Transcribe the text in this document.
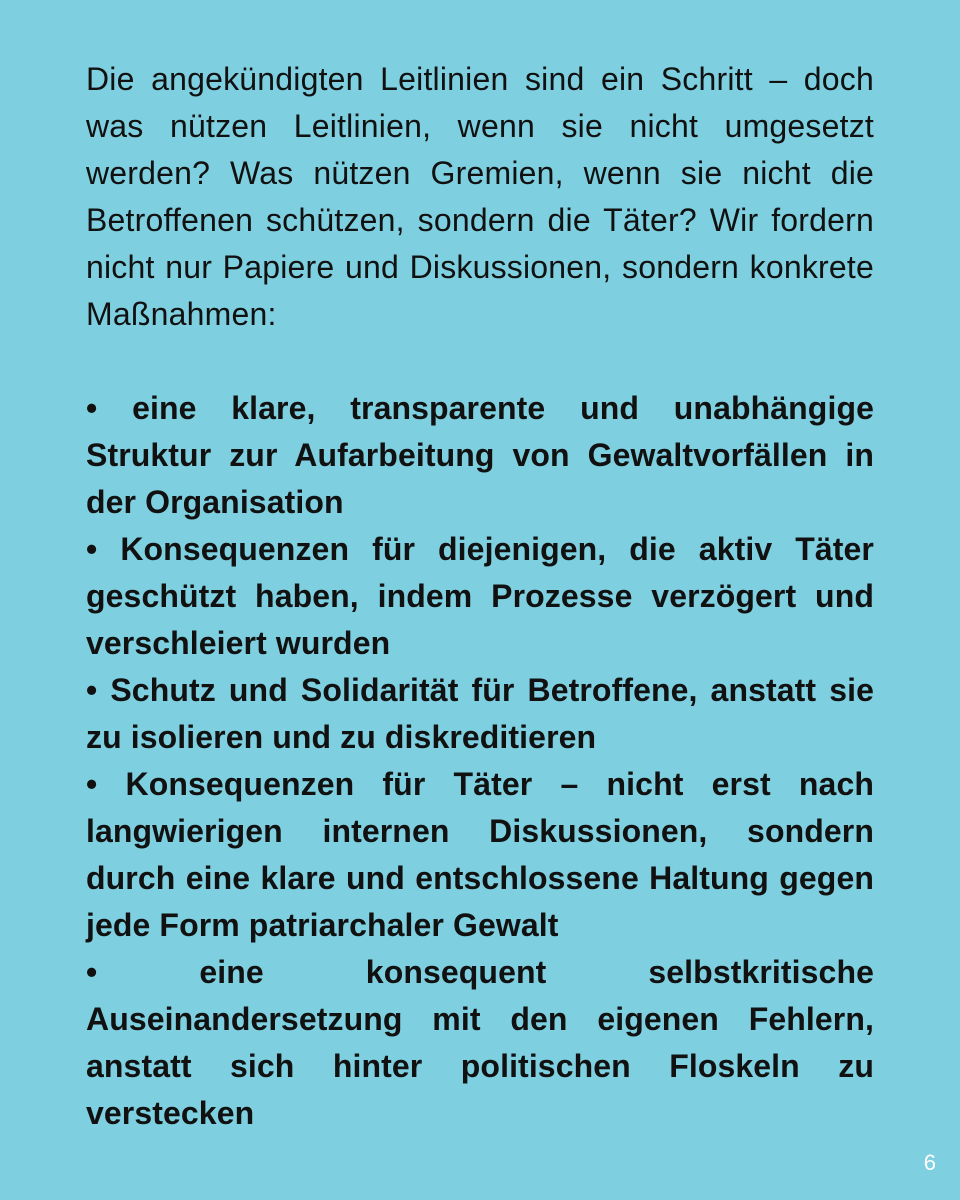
Die angekündigten Leitlinien sind ein Schritt – doch was nützen Leitlinien, wenn sie nicht umgesetzt werden? Was nützen Gremien, wenn sie nicht die Betroffenen schützen, sondern die Täter? Wir fordern nicht nur Papiere und Diskussionen, sondern konkrete Maßnahmen:

• eine klare, transparente und unabhängige Struktur zur Aufarbeitung von Gewaltvorfällen in der Organisation
• Konsequenzen für diejenigen, die aktiv Täter geschützt haben, indem Prozesse verzögert und verschleiert wurden
• Schutz und Solidarität für Betroffene, anstatt sie zu isolieren und zu diskreditieren
• Konsequenzen für Täter – nicht erst nach langwierigen internen Diskussionen, sondern durch eine klare und entschlossene Haltung gegen jede Form patriarchaler Gewalt
•	eine konsequent selbstkritische Auseinandersetzung mit den eigenen Fehlern, anstatt sich hinter politischen Floskeln zu verstecken
6
